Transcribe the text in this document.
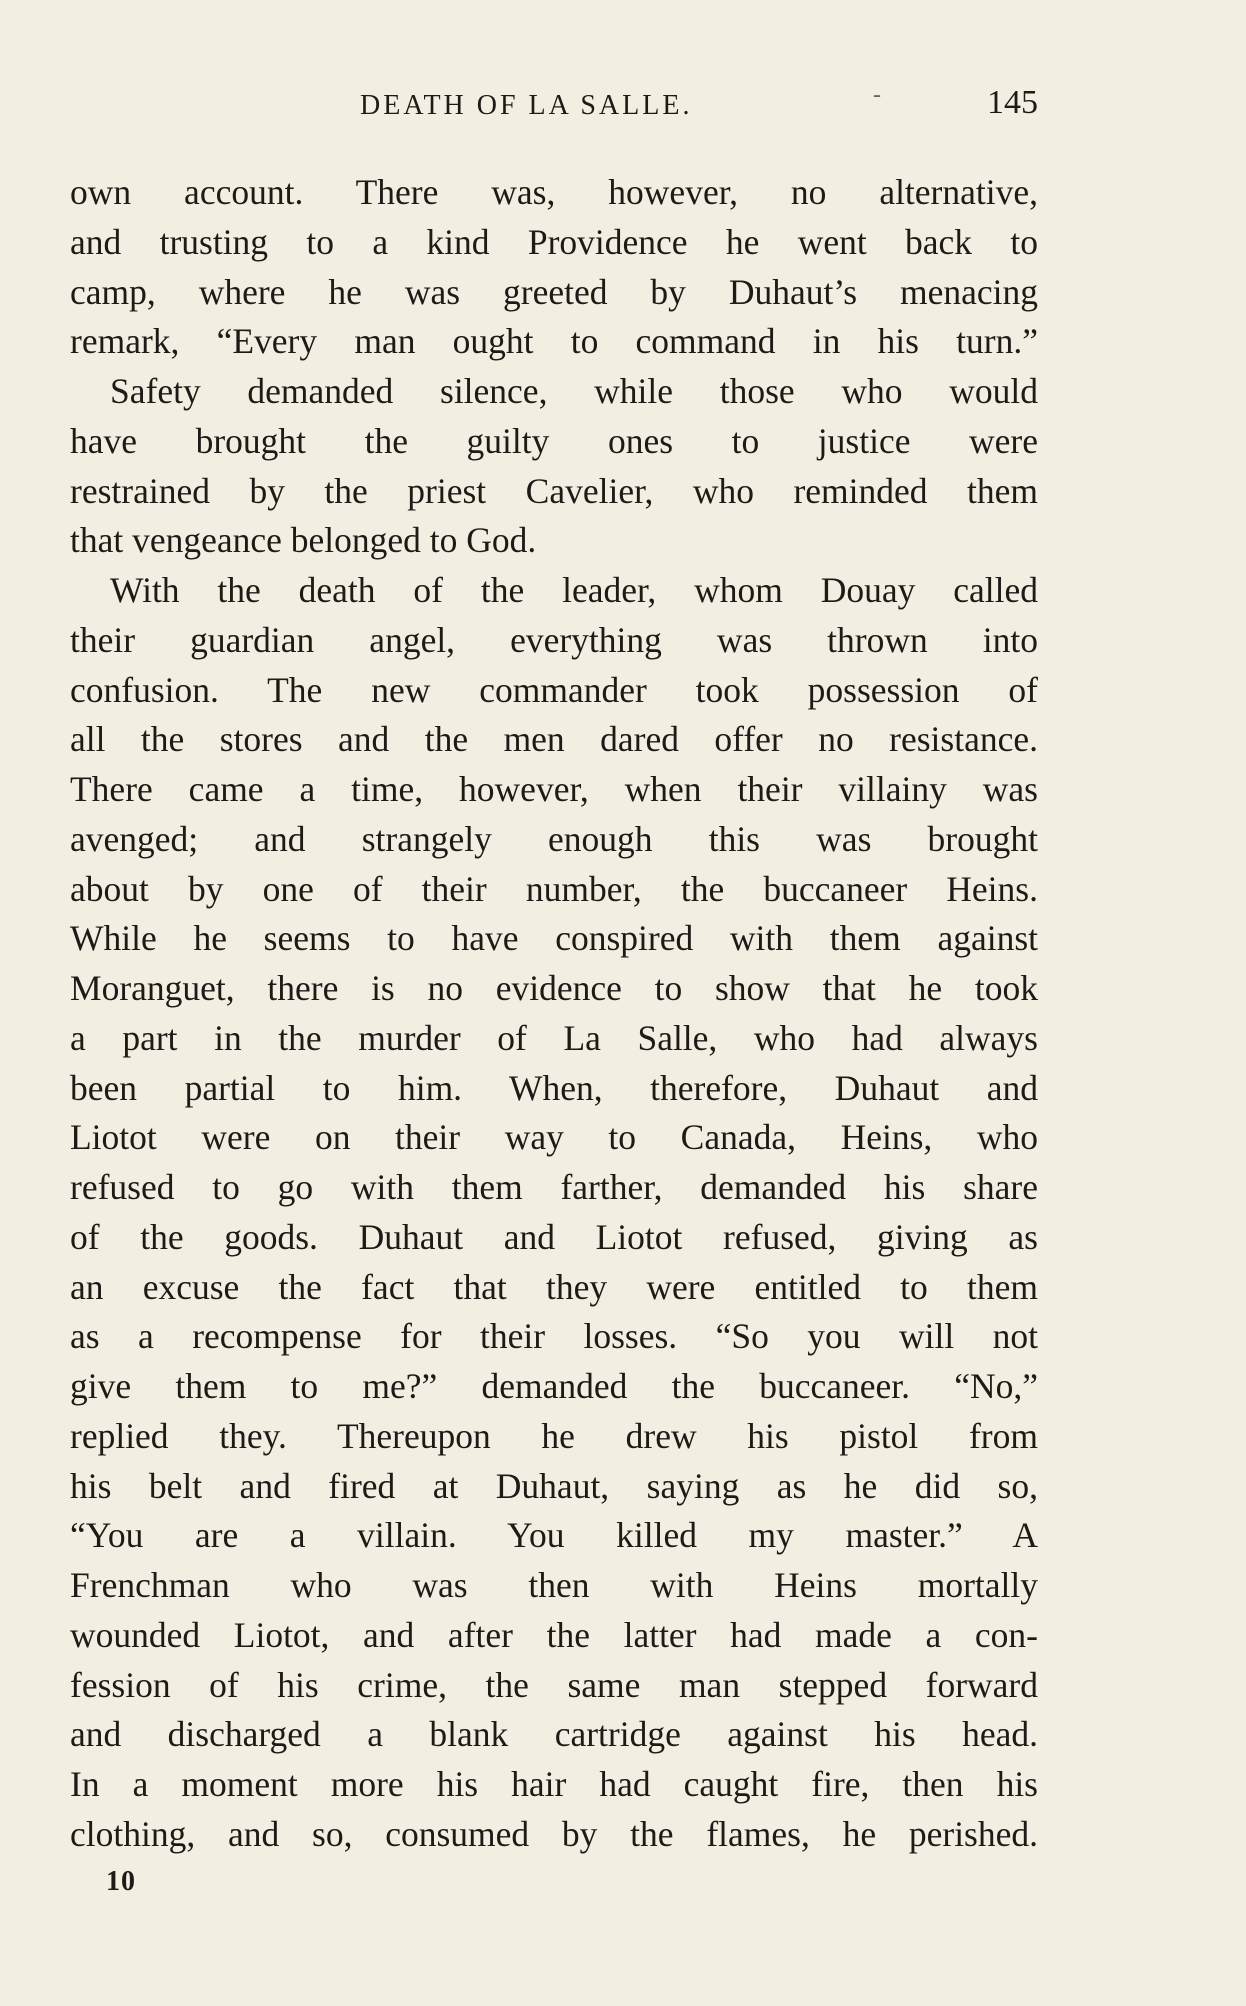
DEATH OF LA SALLE.	-	145
own account. There was, however, no alternative,
and trusting to a kind Providence he went back to
camp, where he was greeted by Duhaut’s menacing
remark, “Every man ought to command in his turn.”
Safety demanded silence, while those who would
have brought the guilty ones to justice were
restrained by the priest Cavelier, who reminded them
that vengeance belonged to God.
With the death of the leader, whom Douay called
their guardian angel, everything was thrown into
confusion. The new commander took possession of
all the stores and the men dared offer no resistance.
There came a time, however, when their villainy was
avenged; and strangely enough this was brought
about by one of their number, the buccaneer Heins.
While he seems to have conspired with them against
Moranguet, there is no evidence to show that he took
a part in the murder of La Salle, who had always
been partial to him. When, therefore, Duhaut and
Liotot were on their way to Canada, Heins, who
refused to go with them farther, demanded his share
of the goods. Duhaut and Liotot refused, giving as
an excuse the fact that they were entitled to them
as a recompense for their losses. “So you will not
give them to me?” demanded the buccaneer. “No,”
replied they. Thereupon he drew his pistol from
his belt and fired at Duhaut, saying as he did so,
“You are a villain. You killed my master.” A
Frenchman who was then with Heins mortally
wounded Liotot, and after the latter had made a con-
fession of his crime, the same man stepped forward
and discharged a blank cartridge against his head.
In a moment more his hair had caught fire, then his
clothing, and so, consumed by the flames, he perished.
10
